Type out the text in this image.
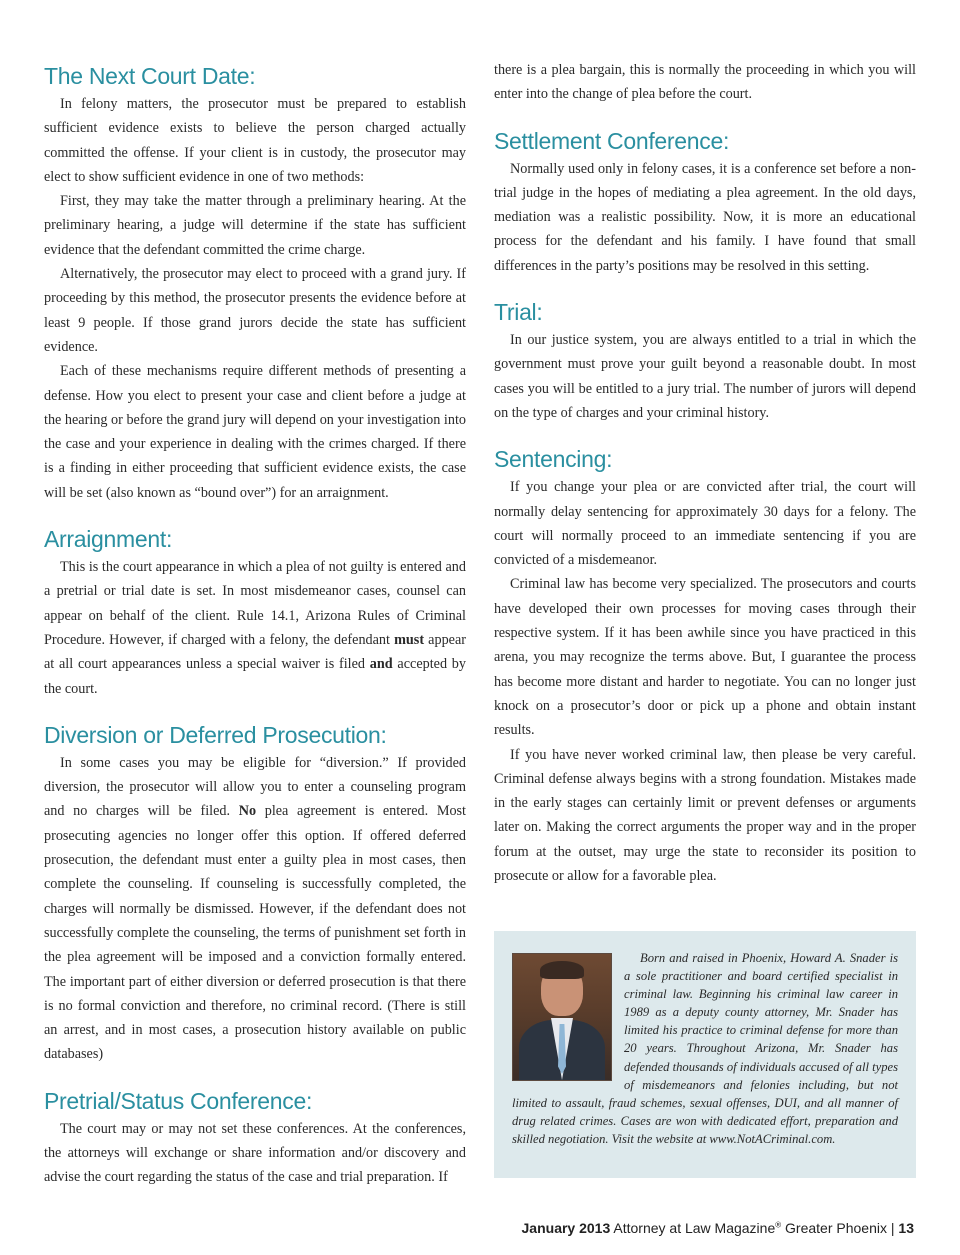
The Next Court Date:

In felony matters, the prosecutor must be prepared to establish sufficient evidence exists to believe the person charged actually committed the offense. If your client is in custody, the prosecutor may elect to show sufficient evidence in one of two methods:

First, they may take the matter through a preliminary hearing. At the preliminary hearing, a judge will determine if the state has sufficient evidence that the defendant committed the crime charge.

Alternatively, the prosecutor may elect to proceed with a grand jury. If proceeding by this method, the prosecutor presents the evidence before at least 9 people. If those grand jurors decide the state has sufficient evidence.

Each of these mechanisms require different methods of presenting a defense. How you elect to present your case and client before a judge at the hearing or before the grand jury will depend on your investigation into the case and your experience in dealing with the crimes charged. If there is a finding in either proceeding that sufficient evidence exists, the case will be set (also known as “bound over”) for an arraignment.

Arraignment:

This is the court appearance in which a plea of not guilty is entered and a pretrial or trial date is set. In most misdemeanor cases, counsel can appear on behalf of the client. Rule 14.1, Arizona Rules of Criminal Procedure. However, if charged with a felony, the defendant must appear at all court appearances unless a special waiver is filed and accepted by the court.

Diversion or Deferred Prosecution:

In some cases you may be eligible for “diversion.” If provided diversion, the prosecutor will allow you to enter a counseling program and no charges will be filed. No plea agreement is entered. Most prosecuting agencies no longer offer this option. If offered deferred prosecution, the defendant must enter a guilty plea in most cases, then complete the counseling. If counseling is successfully completed, the charges will normally be dismissed. However, if the defendant does not successfully complete the counseling, the terms of punishment set forth in the plea agreement will be imposed and a conviction formally entered. The important part of either diversion or deferred prosecution is that there is no formal conviction and therefore, no criminal record. (There is still an arrest, and in most cases, a prosecution history available on public databases)

Pretrial/Status Conference:

The court may or may not set these conferences. At the conferences, the attorneys will exchange or share information and/or discovery and advise the court regarding the status of the case and trial preparation. If

there is a plea bargain, this is normally the proceeding in which you will enter into the change of plea before the court.

Settlement Conference:

Normally used only in felony cases, it is a conference set before a non-trial judge in the hopes of mediating a plea agreement. In the old days, mediation was a realistic possibility. Now, it is more an educational process for the defendant and his family. I have found that small differences in the party’s positions may be resolved in this setting.

Trial:

In our justice system, you are always entitled to a trial in which the government must prove your guilt beyond a reasonable doubt. In most cases you will be entitled to a jury trial. The number of jurors will depend on the type of charges and your criminal history.

Sentencing:

If you change your plea or are convicted after trial, the court will normally delay sentencing for approximately 30 days for a felony. The court will normally proceed to an immediate sentencing if you are convicted of a misdemeanor.

Criminal law has become very specialized. The prosecutors and courts have developed their own processes for moving cases through their respective system. If it has been awhile since you have practiced in this arena, you may recognize the terms above. But, I guarantee the process has become more distant and harder to negotiate. You can no longer just knock on a prosecutor’s door or pick up a phone and obtain instant results.

If you have never worked criminal law, then please be very careful. Criminal defense always begins with a strong foundation. Mistakes made in the early stages can certainly limit or prevent defenses or arguments later on. Making the correct arguments the proper way and in the proper forum at the outset, may urge the state to reconsider its position to prosecute or allow for a favorable plea.

Born and raised in Phoenix, Howard A. Snader is a sole practitioner and board certified specialist in criminal law. Beginning his criminal law career in 1989 as a deputy county attorney, Mr. Snader has limited his practice to criminal defense for more than 20 years. Throughout Arizona, Mr. Snader has defended thousands of individuals accused of all types of misdemeanors and felonies including, but not limited to assault, fraud schemes, sexual offenses, DUI, and all manner of drug related crimes. Cases are won with dedicated effort, preparation and skilled negotiation. Visit the website at www.NotACriminal.com.

January 2013 Attorney at Law Magazine® Greater Phoenix | 13
